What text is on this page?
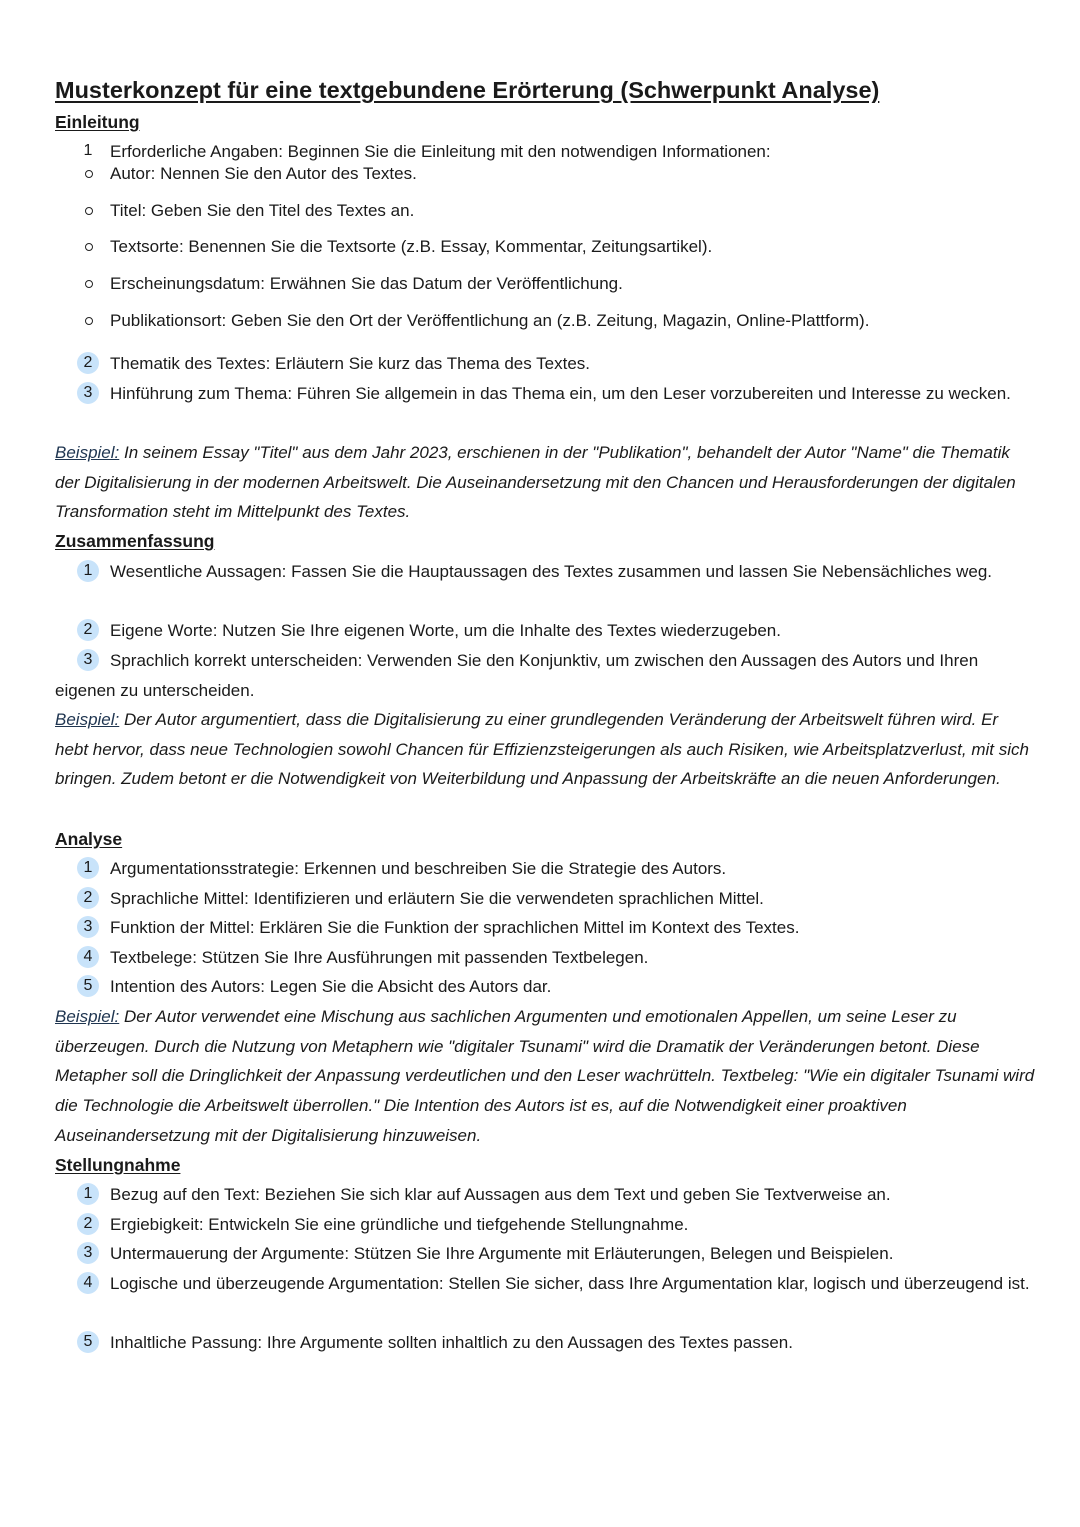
Musterkonzept für eine textgebundene Erörterung (Schwerpunkt Analyse)
Einleitung
1	Erforderliche Angaben: Beginnen Sie die Einleitung mit den notwendigen Informationen:
Autor: Nennen Sie den Autor des Textes.
Titel: Geben Sie den Titel des Textes an.
Textsorte: Benennen Sie die Textsorte (z.B. Essay, Kommentar, Zeitungsartikel).
Erscheinungsdatum: Erwähnen Sie das Datum der Veröffentlichung.
Publikationsort: Geben Sie den Ort der Veröffentlichung an (z.B. Zeitung, Magazin, Online-Plattform).
2	Thematik des Textes: Erläutern Sie kurz das Thema des Textes.
3	Hinführung zum Thema: Führen Sie allgemein in das Thema ein, um den Leser vorzubereiten und Interesse zu wecken.

Beispiel: In seinem Essay "Titel" aus dem Jahr 2023, erschienen in der "Publikation", behandelt der Autor "Name" die Thematik der Digitalisierung in der modernen Arbeitswelt. Die Auseinandersetzung mit den Chancen und Herausforderungen der digitalen Transformation steht im Mittelpunkt des Textes.

Zusammenfassung
1	Wesentliche Aussagen: Fassen Sie die Hauptaussagen des Textes zusammen und lassen Sie Nebensächliches weg.
2	Eigene Worte: Nutzen Sie Ihre eigenen Worte, um die Inhalte des Textes wiederzugeben.
3	Sprachlich korrekt unterscheiden: Verwenden Sie den Konjunktiv, um zwischen den Aussagen des Autors und Ihren eigenen zu unterscheiden.

Beispiel: Der Autor argumentiert, dass die Digitalisierung zu einer grundlegenden Veränderung der Arbeitswelt führen wird. Er hebt hervor, dass neue Technologien sowohl Chancen für Effizienzsteigerungen als auch Risiken, wie Arbeitsplatzverlust, mit sich bringen. Zudem betont er die Notwendigkeit von Weiterbildung und Anpassung der Arbeitskräfte an die neuen Anforderungen.

Analyse
1	Argumentationsstrategie: Erkennen und beschreiben Sie die Strategie des Autors.
2	Sprachliche Mittel: Identifizieren und erläutern Sie die verwendeten sprachlichen Mittel.
3	Funktion der Mittel: Erklären Sie die Funktion der sprachlichen Mittel im Kontext des Textes.
4	Textbelege: Stützen Sie Ihre Ausführungen mit passenden Textbelegen.
5	Intention des Autors: Legen Sie die Absicht des Autors dar.

Beispiel: Der Autor verwendet eine Mischung aus sachlichen Argumenten und emotionalen Appellen, um seine Leser zu überzeugen. Durch die Nutzung von Metaphern wie "digitaler Tsunami" wird die Dramatik der Veränderungen betont. Diese Metapher soll die Dringlichkeit der Anpassung verdeutlichen und den Leser wachrütteln. Textbeleg: "Wie ein digitaler Tsunami wird die Technologie die Arbeitswelt überrollen." Die Intention des Autors ist es, auf die Notwendigkeit einer proaktiven Auseinandersetzung mit der Digitalisierung hinzuweisen.

Stellungnahme
1	Bezug auf den Text: Beziehen Sie sich klar auf Aussagen aus dem Text und geben Sie Textverweise an.
2	Ergiebigkeit: Entwickeln Sie eine gründliche und tiefgehende Stellungnahme.
3	Untermauerung der Argumente: Stützen Sie Ihre Argumente mit Erläuterungen, Belegen und Beispielen.
4	Logische und überzeugende Argumentation: Stellen Sie sicher, dass Ihre Argumentation klar, logisch und überzeugend ist.
5	Inhaltliche Passung: Ihre Argumente sollten inhaltlich zu den Aussagen des Textes passen.
